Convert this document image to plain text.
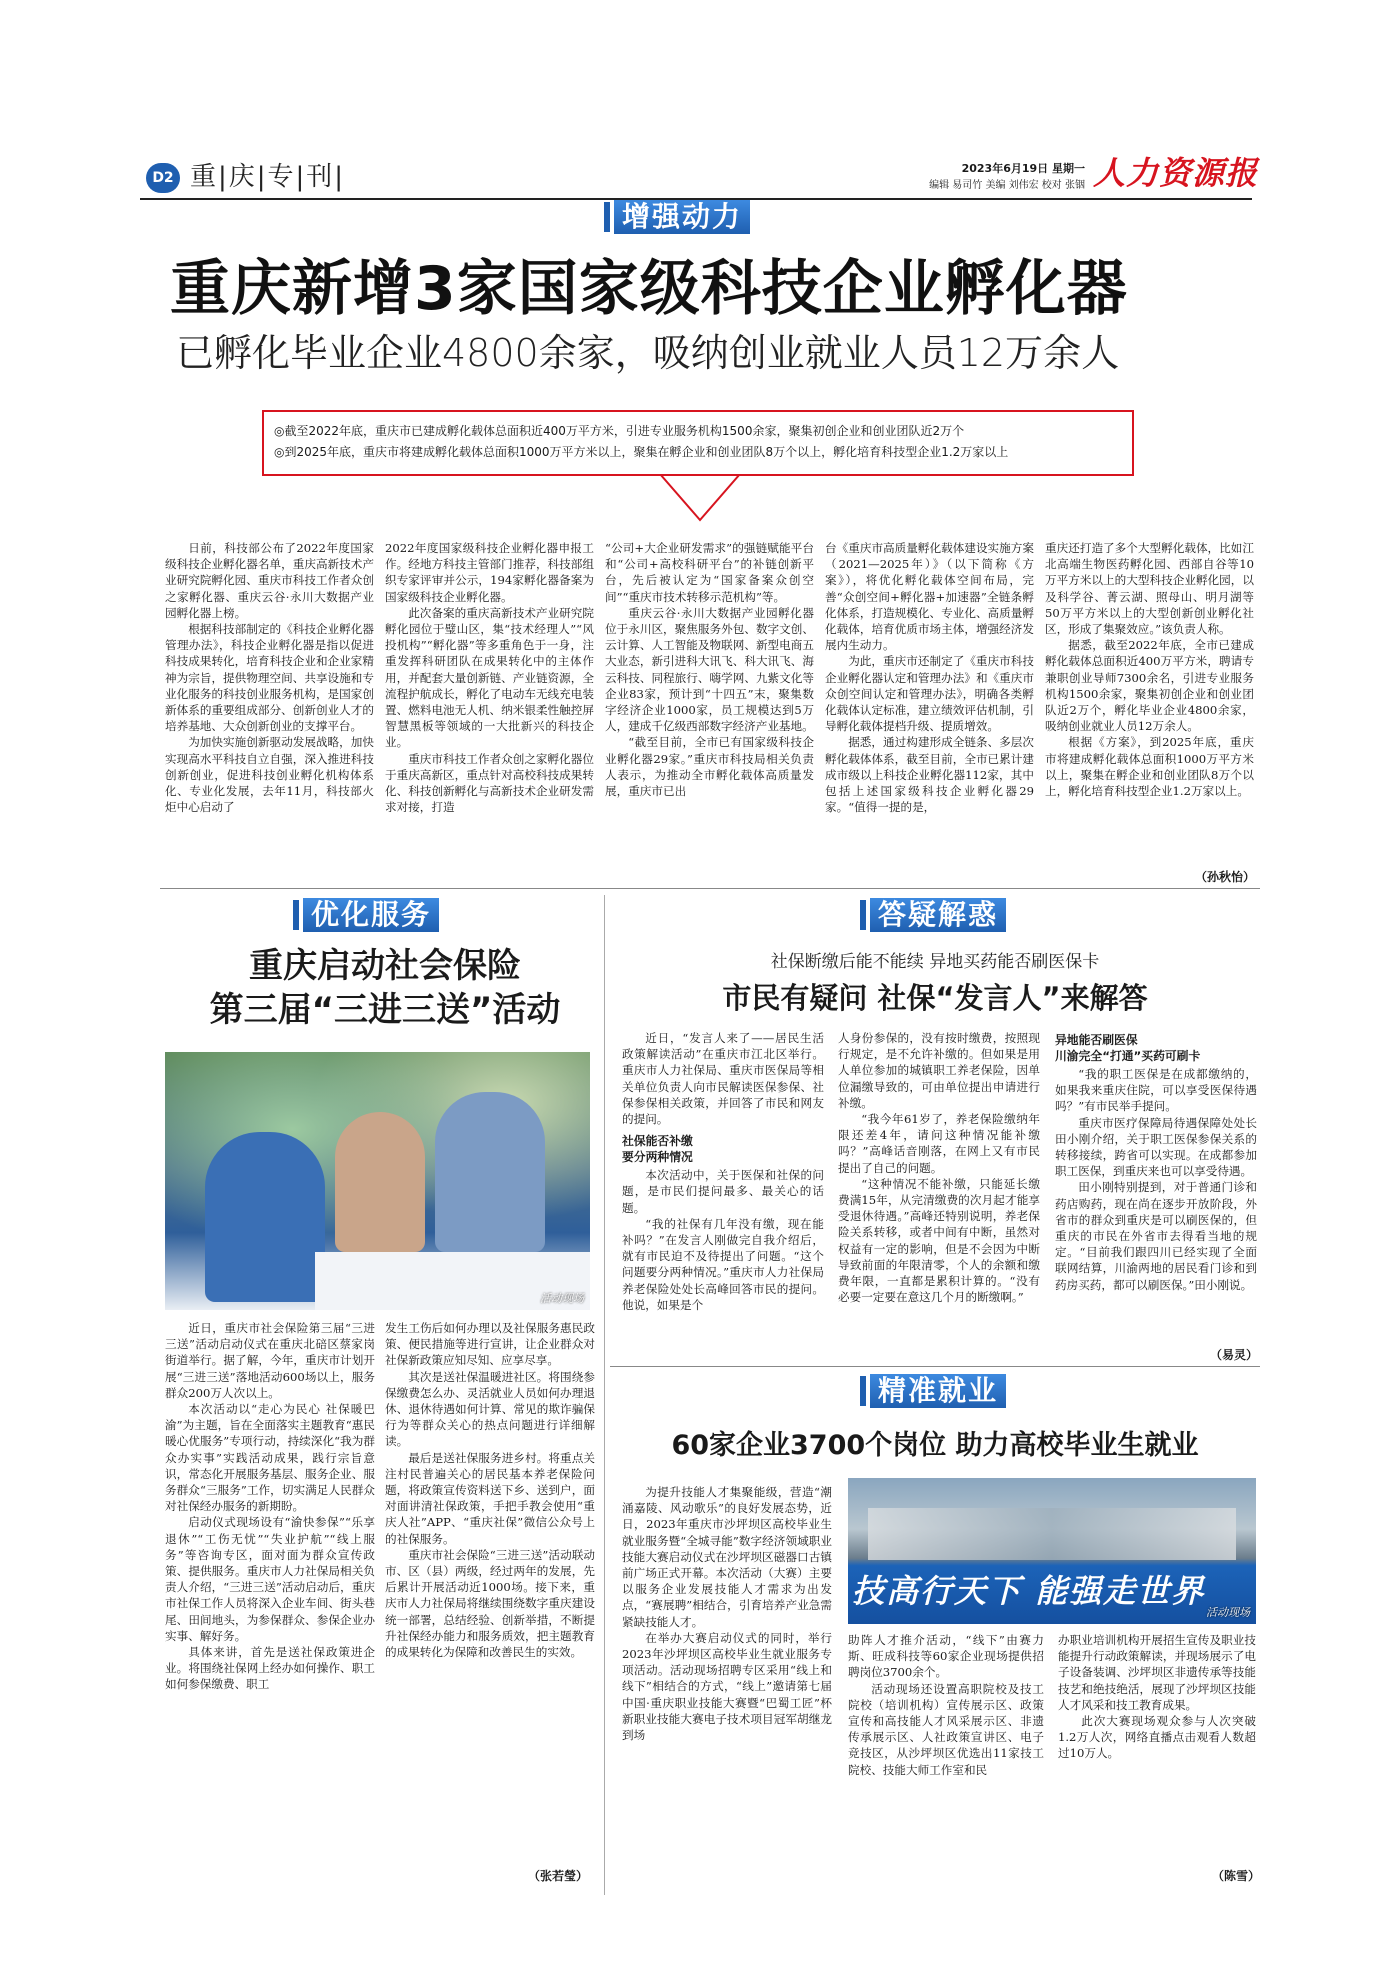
D2 重|庆|专|刊|	2023年6月19日 星期一
编辑 易司竹 美编 刘伟宏 校对 张铟 人力资源报
增强动力
重庆新增3家国家级科技企业孵化器
已孵化毕业企业4800余家，吸纳创业就业人员12万余人
◎截至2022年底，重庆市已建成孵化载体总面积近400万平方米，引进专业服务机构1500余家，聚集初创企业和创业团队近2万个
◎到2025年底，重庆市将建成孵化载体总面积1000万平方米以上，聚集在孵企业和创业团队8万个以上，孵化培育科技型企业1.2万家以上

日前，科技部公布了2022年度国家级科技企业孵化器名单，重庆高新技术产业研究院孵化园、重庆市科技工作者众创之家孵化器、重庆云谷·永川大数据产业园孵化器上榜。

根据科技部制定的《科技企业孵化器管理办法》，科技企业孵化器是指以促进科技成果转化，培育科技企业和企业家精神为宗旨，提供物理空间、共享设施和专业化服务的科技创业服务机构，是国家创新体系的重要组成部分、创新创业人才的培养基地、大众创新创业的支撑平台。

为加快实施创新驱动发展战略，加快实现高水平科技自立自强，深入推进科技创新创业，促进科技创业孵化机构体系化、专业化发展，去年11月，科技部火炬中心启动了

2022年度国家级科技企业孵化器申报工作。经地方科技主管部门推荐，科技部组织专家评审并公示，194家孵化器备案为国家级科技企业孵化器。

此次备案的重庆高新技术产业研究院孵化园位于璧山区，集“技术经理人”“风投机构”“孵化器”等多重角色于一身，注重发挥科研团队在成果转化中的主体作用，并配套大量创新链、产业链资源，全流程护航成长，孵化了电动车无线充电装置、燃料电池无人机、纳米银柔性触控屏智慧黑板等领域的一大批新兴的科技企业。

重庆市科技工作者众创之家孵化器位于重庆高新区，重点针对高校科技成果转化、科技创新孵化与高新技术企业研发需求对接，打造

“公司+大企业研发需求”的强链赋能平台和“公司+高校科研平台”的补链创新平台，先后被认定为“国家备案众创空间”“重庆市技术转移示范机构”等。

重庆云谷·永川大数据产业园孵化器位于永川区，聚焦服务外包、数字文创、云计算、人工智能及物联网、新型电商五大业态，新引进科大讯飞、科大讯飞、海云科技、同程旅行、嗨学网、九紫文化等企业83家，预计到“十四五”末，聚集数字经济企业1000家，员工规模达到5万人，建成千亿级西部数字经济产业基地。

“截至目前，全市已有国家级科技企业孵化器29家。”重庆市科技局相关负责人表示，为推动全市孵化载体高质量发展，重庆市已出

台《重庆市高质量孵化载体建设实施方案（2021—2025年）》（以下简称《方案》），将优化孵化载体空间布局，完善“众创空间+孵化器+加速器”全链条孵化体系，打造规模化、专业化、高质量孵化载体，培育优质市场主体，增强经济发展内生动力。

为此，重庆市还制定了《重庆市科技企业孵化器认定和管理办法》和《重庆市众创空间认定和管理办法》，明确各类孵化载体认定标准，建立绩效评估机制，引导孵化载体提档升级、提质增效。

据悉，通过构建形成全链条、多层次孵化载体体系，截至目前，全市已累计建成市级以上科技企业孵化器112家，其中包括上述国家级科技企业孵化器29家。“值得一提的是，

重庆还打造了多个大型孵化载体，比如江北高端生物医药孵化园、西部自谷等10万平方米以上的大型科技企业孵化园，以及科学谷、菁云湖、照母山、明月湖等50万平方米以上的大型创新创业孵化社区，形成了集聚效应。”该负责人称。

据悉，截至2022年底，全市已建成孵化载体总面积近400万平方米，聘请专兼职创业导师7300余名，引进专业服务机构1500余家，聚集初创企业和创业团队近2万个，孵化毕业企业4800余家，吸纳创业就业人员12万余人。

根据《方案》，到2025年底，重庆市将建成孵化载体总面积1000万平方米以上，聚集在孵企业和创业团队8万个以上，孵化培育科技型企业1.2万家以上。

（孙秋怡）
优化服务
重庆启动社会保险
第三届“三进三送”活动
活动现场

近日，重庆市社会保险第三届“三进三送”活动启动仪式在重庆北碚区蔡家岗街道举行。据了解，今年，重庆市计划开展“三进三送”落地活动600场以上，服务群众200万人次以上。

本次活动以“走心为民心 社保暖巴渝”为主题，旨在全面落实主题教育“惠民暖心优服务”专项行动，持续深化“我为群众办实事”实践活动成果，践行宗旨意识，常态化开展服务基层、服务企业、服务群众“三服务”工作，切实满足人民群众对社保经办服务的新期盼。

启动仪式现场设有“渝快参保”“乐享退休”“工伤无忧”“失业护航”“线上服务”等咨询专区，面对面为群众宣传政策、提供服务。重庆市人力社保局相关负责人介绍，“三进三送”活动启动后，重庆市社保工作人员将深入企业车间、街头巷尾、田间地头，为参保群众、参保企业办实事、解好务。

具体来讲，首先是送社保政策进企业。将围绕社保网上经办如何操作、职工如何参保缴费、职工

发生工伤后如何办理以及社保服务惠民政策、便民措施等进行宣讲，让企业群众对社保新政策应知尽知、应享尽享。

其次是送社保温暖进社区。将围绕参保缴费怎么办、灵活就业人员如何办理退休、退休待遇如何计算、常见的欺诈骗保行为等群众关心的热点问题进行详细解读。

最后是送社保服务进乡村。将重点关注村民普遍关心的居民基本养老保险问题，将政策宣传资料送下乡、送到户，面对面讲清社保政策，手把手教会使用“重庆人社”APP、“重庆社保”微信公众号上的社保服务。

重庆市社会保险“三进三送”活动联动市、区（县）两级，经过两年的发展，先后累计开展活动近1000场。接下来，重庆市人力社保局将继续围绕数字重庆建设统一部署，总结经验、创新举措，不断提升社保经办能力和服务质效，把主题教育的成果转化为保障和改善民生的实效。

（张若瑩）
答疑解惑
社保断缴后能不能续 异地买药能否刷医保卡
市民有疑问 社保“发言人”来解答

近日，“发言人来了——居民生活政策解读活动”在重庆市江北区举行。重庆市人力社保局、重庆市医保局等相关单位负责人向市民解读医保参保、社保参保相关政策，并回答了市民和网友的提问。

社保能否补缴
要分两种情况

本次活动中，关于医保和社保的问题，是市民们提问最多、最关心的话题。

“我的社保有几年没有缴，现在能补吗？”在发言人刚做完自我介绍后，就有市民迫不及待提出了问题。“这个问题要分两种情况。”重庆市人力社保局养老保险处处长高峰回答市民的提问。他说，如果是个

人身份参保的，没有按时缴费，按照现行规定，是不允许补缴的。但如果是用人单位参加的城镇职工养老保险，因单位漏缴导致的，可由单位提出申请进行补缴。

“我今年61岁了，养老保险缴纳年限还差4年，请问这种情况能补缴吗？”高峰话音刚落，在网上又有市民提出了自己的问题。

“这种情况不能补缴，只能延长缴费满15年，从完清缴费的次月起才能享受退休待遇。”高峰还特别说明，养老保险关系转移，或者中间有中断，虽然对权益有一定的影响，但是不会因为中断导致前面的年限清零，个人的余额和缴费年限，一直都是累积计算的。“没有必要一定要在意这几个月的断缴啊。”

异地能否刷医保
川渝完全“打通”买药可刷卡

“我的职工医保是在成都缴纳的，如果我来重庆住院，可以享受医保待遇吗？”有市民举手提问。

重庆市医疗保障局待遇保障处处长田小刚介绍，关于职工医保参保关系的转移接续，跨省可以实现。在成都参加职工医保，到重庆来也可以享受待遇。

田小刚特别提到，对于普通门诊和药店购药，现在尚在逐步开放阶段，外省市的群众到重庆是可以刷医保的，但重庆的市民在外省市去得看当地的规定。“目前我们跟四川已经实现了全面联网结算，川渝两地的居民看门诊和到药房买药，都可以刷医保。”田小刚说。

（易灵）
精准就业
60家企业3700个岗位 助力高校毕业生就业
技高行天下 能强走世界
活动现场

为提升技能人才集聚能级，营造“潮涌嘉陵、风动歌乐”的良好发展态势，近日，2023年重庆市沙坪坝区高校毕业生就业服务暨“全城寻能”数字经济领域职业技能大赛启动仪式在沙坪坝区磁器口古镇前广场正式开幕。本次活动（大赛）主要以服务企业发展技能人才需求为出发点，“赛展聘”相结合，引育培养产业急需紧缺技能人才。

在举办大赛启动仪式的同时，举行2023年沙坪坝区高校毕业生就业服务专项活动。活动现场招聘专区采用“线上和线下”相结合的方式，“线上”邀请第七届中国·重庆职业技能大赛暨“巴蜀工匠”杯新职业技能大赛电子技术项目冠军胡继龙到场

助阵人才推介活动，“线下”由赛力斯、旺成科技等60家企业现场提供招聘岗位3700余个。

活动现场还设置高职院校及技工院校（培训机构）宣传展示区、政策宣传和高技能人才风采展示区、非遗传承展示区、人社政策宣讲区、电子竞技区，从沙坪坝区优选出11家技工院校、技能大师工作室和民

办职业培训机构开展招生宣传及职业技能提升行动政策解读，并现场展示了电子设备装调、沙坪坝区非遗传承等技能技艺和绝技绝活，展现了沙坪坝区技能人才风采和技工教育成果。

此次大赛现场观众参与人次突破1.2万人次，网络直播点击观看人数超过10万人。

（陈雪）
